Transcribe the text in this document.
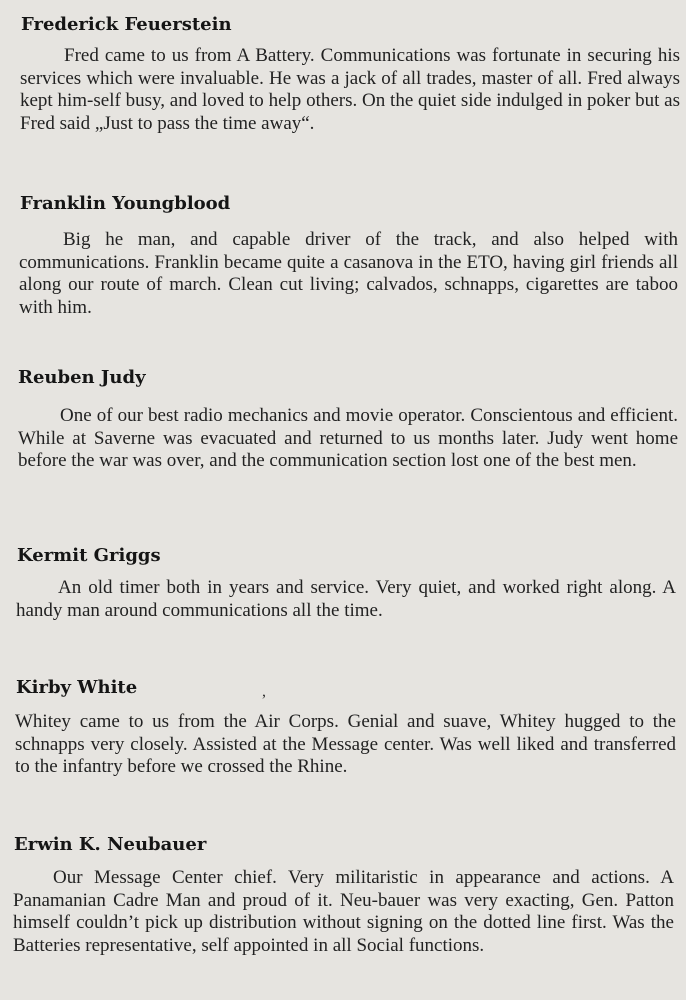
Frederick Feuerstein

Fred came to us from A Battery. Communications was fortunate in securing his services which were invaluable. He was a jack of all trades, master of all. Fred always kept him-self busy, and loved to help others. On the quiet side indulged in poker but as Fred said „Just to pass the time away“.

Franklin Youngblood

Big he man, and capable driver of the track, and also helped with communications. Franklin became quite a casanova in the ETO, having girl friends all along our route of march. Clean cut living; calvados, schnapps, cigarettes are taboo with him.

Reuben Judy

One of our best radio mechanics and movie operator. Conscientous and efficient. While at Saverne was evacuated and returned to us months later. Judy went home before the war was over, and the communication section lost one of the best men.

Kermit Griggs

An old timer both in years and service. Very quiet, and worked right along. A handy man around communications all the time.

Kirby White

Whitey came to us from the Air Corps. Genial and suave, Whitey hugged to the schnapps very closely. Assisted at the Message center. Was well liked and transferred to the infantry before we crossed the Rhine.

Erwin K. Neubauer

Our Message Center chief. Very militaristic in appearance and actions. A Panamanian Cadre Man and proud of it. Neu-bauer was very exacting, Gen. Patton himself couldn’t pick up distribution without signing on the dotted line first. Was the Batteries representative, self appointed in all Social functions.

,
